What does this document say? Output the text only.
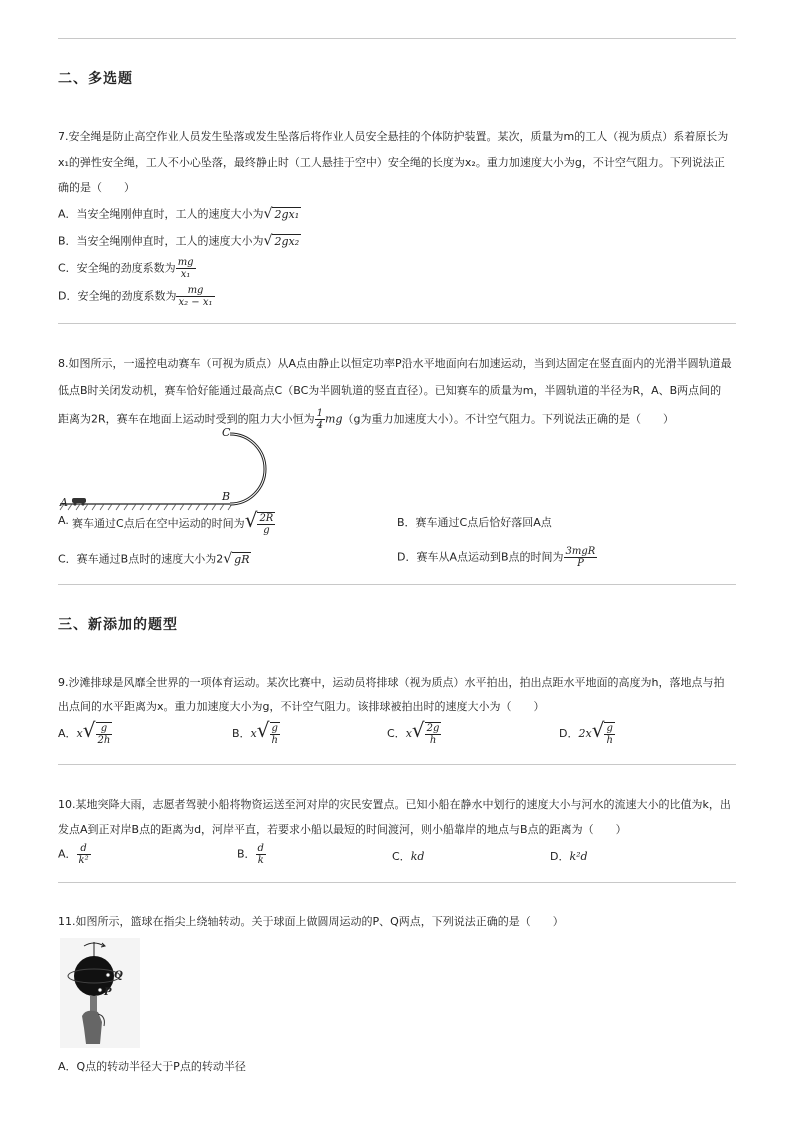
二、多选题
7.安全绳是防止高空作业人员发生坠落或发生坠落后将作业人员安全悬挂的个体防护装置。某次，质量为m的工人（视为质点）系着原长为
x₁的弹性安全绳，工人不小心坠落，最终静止时（工人悬挂于空中）安全绳的长度为x₂。重力加速度大小为g，不计空气阻力。下列说法正
确的是（　　）
A．当安全绳刚伸直时，工人的速度大小为√ 2gx₁
B．当安全绳刚伸直时，工人的速度大小为√ 2gx₂
C．安全绳的劲度系数为 $\frac{mg}{\text{x₁}}$
D．安全绳的劲度系数为 $\frac{mg}{\text{x₂ − x₁}}$
8.如图所示，一遥控电动赛车（可视为质点）从A点由静止以恒定功率P沿水平地面向右加速运动，当到达固定在竖直面内的光滑半圆轨道最
低点B时关闭发动机，赛车恰好能通过最高点C（BC为半圆轨道的竖直直径）。已知赛车的质量为m，半圆轨道的半径为R，A、B两点间的
距离为2R，赛车在地面上运动时受到的阻力大小恒为 $\frac{1}{4} mg(g$为重力加速度大小）。不计空气阻力。下列说法正确的是（　　）
C
B
A
A. 赛车通过C点后在空中运动的时间为√ $\frac{2R}{g}$	B．赛车通过C点后恰好落回A点
C．赛车通过B点时的速度大小为2√ gR	D．赛车从A点运动到B点的时间为 $\frac{\text{3mgR}}{P}$
三、新添加的题型
9.沙滩排球是风靡全世界的一项体育运动。某次比赛中，运动员将排球（视为质点）水平拍出，拍出点距水平地面的高度为h，落地点与拍
出点间的水平距离为x。重力加速度大小为g，不计空气阻力。该排球被拍出时的速度大小为（　　）
A．$x√ \frac{g}{2h}$	B．$x√ \frac{g}{h}$	C．$x√ \frac{2g}{h}$	D．$2x√ \frac{g}{h}$
10.某地突降大雨，志愿者驾驶小船将物资运送至河对岸的灾民安置点。已知小船在静水中划行的速度大小与河水的流速大小的比值为k，出
发点A到正对岸B点的距离为d，河岸平直，若要求小船以最短的时间渡河，则小船靠岸的地点与B点的距离为（　　）
A． $\frac{d}{\text{k²}}$	B． $\frac{d}{k}$	C．kd	D．k²d
11.如图所示，篮球在指尖上绕轴转动。关于球面上做圆周运动的P、Q两点，下列说法正确的是（　　）
Q
P
A．Q点的转动半径大于P点的转动半径
